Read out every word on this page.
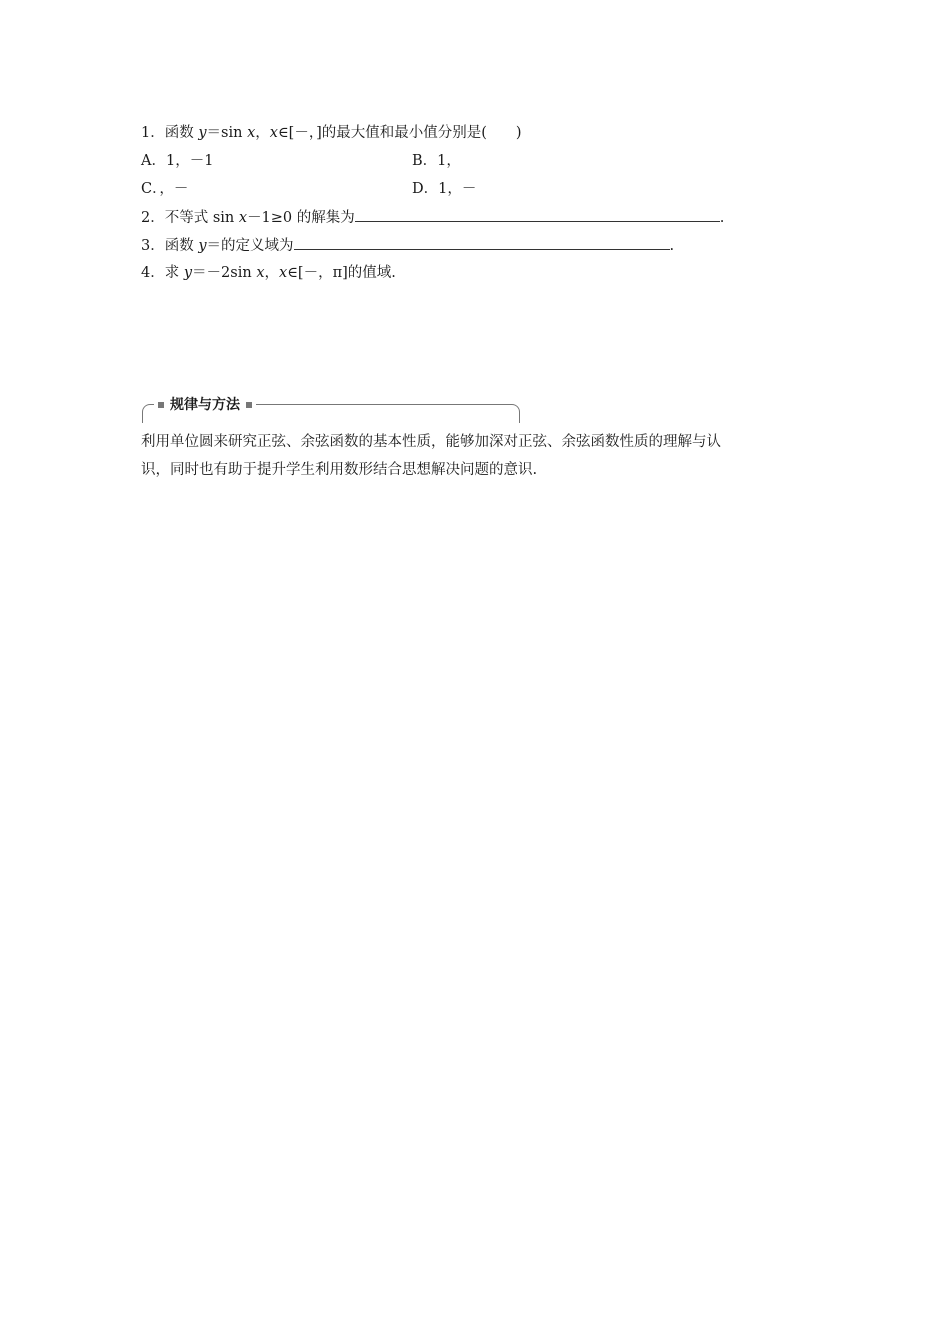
1．函数 y＝sin x，x∈[－，]的最大值和最小值分别是(　　)
A．1，－1	B．1，
C．，－	D．1，－
2．不等式 sin x－1≥0 的解集为	.
3．函数 y＝的定义域为	.
4．求 y＝－2sin x，x∈[－，π]的值域.
规律与方法
利用单位圆来研究正弦、余弦函数的基本性质，能够加深对正弦、余弦函数性质的理解与认
识，同时也有助于提升学生利用数形结合思想解决问题的意识.
